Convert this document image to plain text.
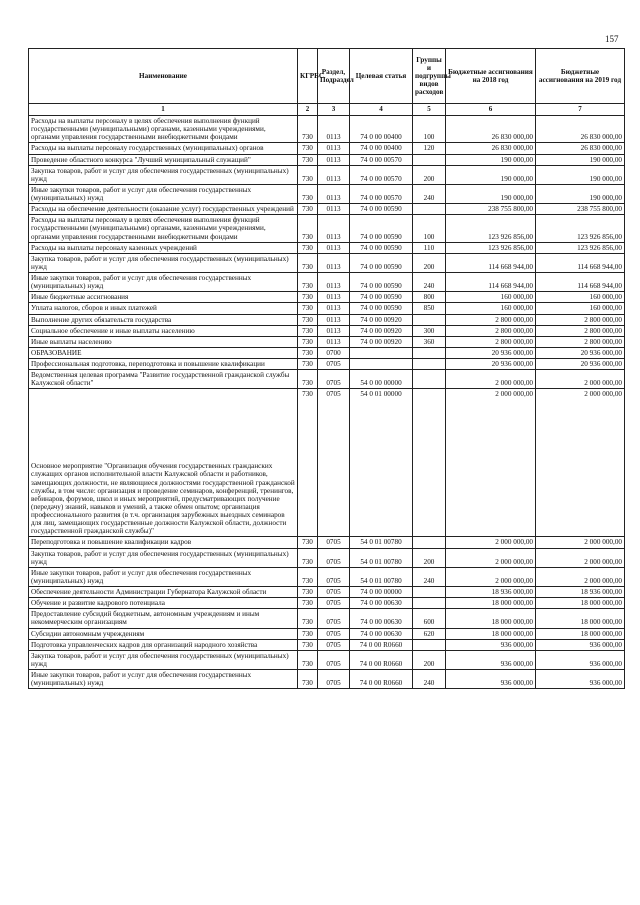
157
Наименование	КГРБС	Раздел, Подраздел	Целевая статья	Группы и подгруппы видов расходов	Бюджетные ассигнования на 2018 год	Бюджетные ассигнования на 2019 год
1	2	3	4	5	6	7
Расходы на выплаты персоналу в целях обеспечения выполнения функций государственными (муниципальными) органами, казенными учреждениями, органами управления государственными внебюджетными фондами	730	0113	74 0 00 00400	100	26 830 000,00	26 830 000,00
Расходы на выплаты персоналу государственных (муниципальных) органов	730	0113	74 0 00 00400	120	26 830 000,00	26 830 000,00
Проведение областного конкурса "Лучший муниципальный служащий"	730	0113	74 0 00 00570		190 000,00	190 000,00
Закупка товаров, работ и услуг для обеспечения государственных (муниципальных) нужд	730	0113	74 0 00 00570	200	190 000,00	190 000,00
Иные закупки товаров, работ и услуг для обеспечения государственных (муниципальных) нужд	730	0113	74 0 00 00570	240	190 000,00	190 000,00
Расходы на обеспечение деятельности (оказание услуг) государственных учреждений	730	0113	74 0 00 00590		238 755 800,00	238 755 800,00
Расходы на выплаты персоналу в целях обеспечения выполнения функций государственными (муниципальными) органами, казенными учреждениями, органами управления государственными внебюджетными фондами	730	0113	74 0 00 00590	100	123 926 856,00	123 926 856,00
Расходы на выплаты персоналу казенных учреждений	730	0113	74 0 00 00590	110	123 926 856,00	123 926 856,00
Закупка товаров, работ и услуг для обеспечения государственных (муниципальных) нужд	730	0113	74 0 00 00590	200	114 668 944,00	114 668 944,00
Иные закупки товаров, работ и услуг для обеспечения государственных (муниципальных) нужд	730	0113	74 0 00 00590	240	114 668 944,00	114 668 944,00
Иные бюджетные ассигнования	730	0113	74 0 00 00590	800	160 000,00	160 000,00
Уплата налогов, сборов и иных платежей	730	0113	74 0 00 00590	850	160 000,00	160 000,00
Выполнение других обязательств государства	730	0113	74 0 00 00920		2 800 000,00	2 800 000,00
Социальное обеспечение и иные выплаты населению	730	0113	74 0 00 00920	300	2 800 000,00	2 800 000,00
Иные выплаты населению	730	0113	74 0 00 00920	360	2 800 000,00	2 800 000,00
ОБРАЗОВАНИЕ	730	0700			20 936 000,00	20 936 000,00
Профессиональная подготовка, переподготовка и повышение квалификации	730	0705			20 936 000,00	20 936 000,00
Ведомственная целевая программа "Развитие государственной гражданской службы Калужской области"	730	0705	54 0 00 00000		2 000 000,00	2 000 000,00
Основное мероприятие "Организация обучения государственных гражданских служащих органов исполнительной власти Калужской области и работников, замещающих должности, не являющиеся должностями государственной гражданской службы, в том числе: организация и проведение семинаров, конференций, тренингов, вебинаров, форумов, школ и иных мероприятий, предусматривающих получение (передачу) знаний, навыков и умений, а также обмен опытом; организация профессионального развития (в т.ч. организация зарубежных выездных семинаров для лиц, замещающих государственные должности Калужской области, должности государственной гражданской службы)"	730	0705	54 0 01 00000		2 000 000,00	2 000 000,00
Переподготовка и повышение квалификации кадров	730	0705	54 0 01 00780		2 000 000,00	2 000 000,00
Закупка товаров, работ и услуг для обеспечения государственных (муниципальных) нужд	730	0705	54 0 01 00780	200	2 000 000,00	2 000 000,00
Иные закупки товаров, работ и услуг для обеспечения государственных (муниципальных) нужд	730	0705	54 0 01 00780	240	2 000 000,00	2 000 000,00
Обеспечение деятельности Администрации Губернатора Калужской области	730	0705	74 0 00 00000		18 936 000,00	18 936 000,00
Обучение и развитие кадрового потенциала	730	0705	74 0 00 00630		18 000 000,00	18 000 000,00
Предоставление субсидий бюджетным, автономным учреждениям и иным некоммерческим организациям	730	0705	74 0 00 00630	600	18 000 000,00	18 000 000,00
Субсидии автономным учреждениям	730	0705	74 0 00 00630	620	18 000 000,00	18 000 000,00
Подготовка управленческих кадров для организаций народного хозяйства	730	0705	74 0 00 R0660		936 000,00	936 000,00
Закупка товаров, работ и услуг для обеспечения государственных (муниципальных) нужд	730	0705	74 0 00 R0660	200	936 000,00	936 000,00
Иные закупки товаров, работ и услуг для обеспечения государственных (муниципальных) нужд	730	0705	74 0 00 R0660	240	936 000,00	936 000,00
